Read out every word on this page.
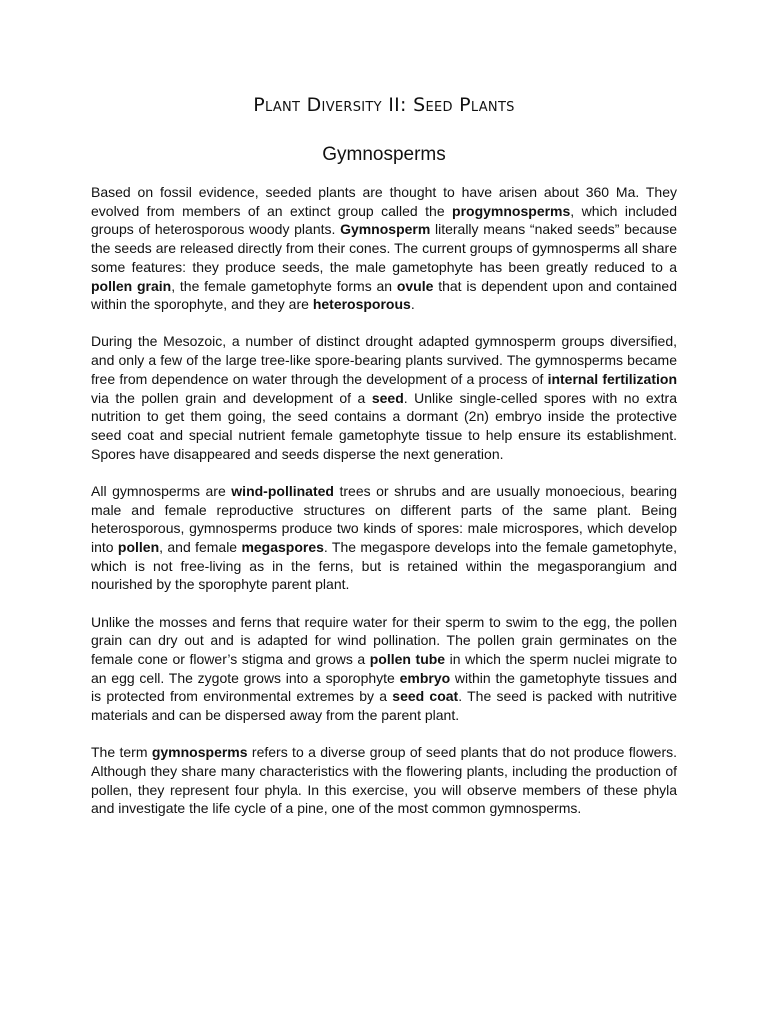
Plant Diversity II: Seed Plants
Gymnosperms

Based on fossil evidence, seeded plants are thought to have arisen about 360 Ma. They evolved from members of an extinct group called the progymnosperms, which included groups of heterosporous woody plants. Gymnosperm literally means “naked seeds” because the seeds are released directly from their cones. The current groups of gymnosperms all share some features: they produce seeds, the male gametophyte has been greatly reduced to a pollen grain, the female gametophyte forms an ovule that is dependent upon and contained within the sporophyte, and they are heterosporous.

During the Mesozoic, a number of distinct drought adapted gymnosperm groups diversified, and only a few of the large tree-like spore-bearing plants survived. The gymnosperms became free from dependence on water through the development of a process of internal fertilization via the pollen grain and development of a seed. Unlike single-celled spores with no extra nutrition to get them going, the seed contains a dormant (2n) embryo inside the protective seed coat and special nutrient female gametophyte tissue to help ensure its establishment. Spores have disappeared and seeds disperse the next generation.

All gymnosperms are wind-pollinated trees or shrubs and are usually monoecious, bearing male and female reproductive structures on different parts of the same plant. Being heterosporous, gymnosperms produce two kinds of spores: male microspores, which develop into pollen, and female megaspores. The megaspore develops into the female gametophyte, which is not free-living as in the ferns, but is retained within the megasporangium and nourished by the sporophyte parent plant.

Unlike the mosses and ferns that require water for their sperm to swim to the egg, the pollen grain can dry out and is adapted for wind pollination. The pollen grain germinates on the female cone or flower’s stigma and grows a pollen tube in which the sperm nuclei migrate to an egg cell. The zygote grows into a sporophyte embryo within the gametophyte tissues and is protected from environmental extremes by a seed coat. The seed is packed with nutritive materials and can be dispersed away from the parent plant.

The term gymnosperms refers to a diverse group of seed plants that do not produce flowers. Although they share many characteristics with the flowering plants, including the production of pollen, they represent four phyla. In this exercise, you will observe members of these phyla and investigate the life cycle of a pine, one of the most common gymnosperms.
